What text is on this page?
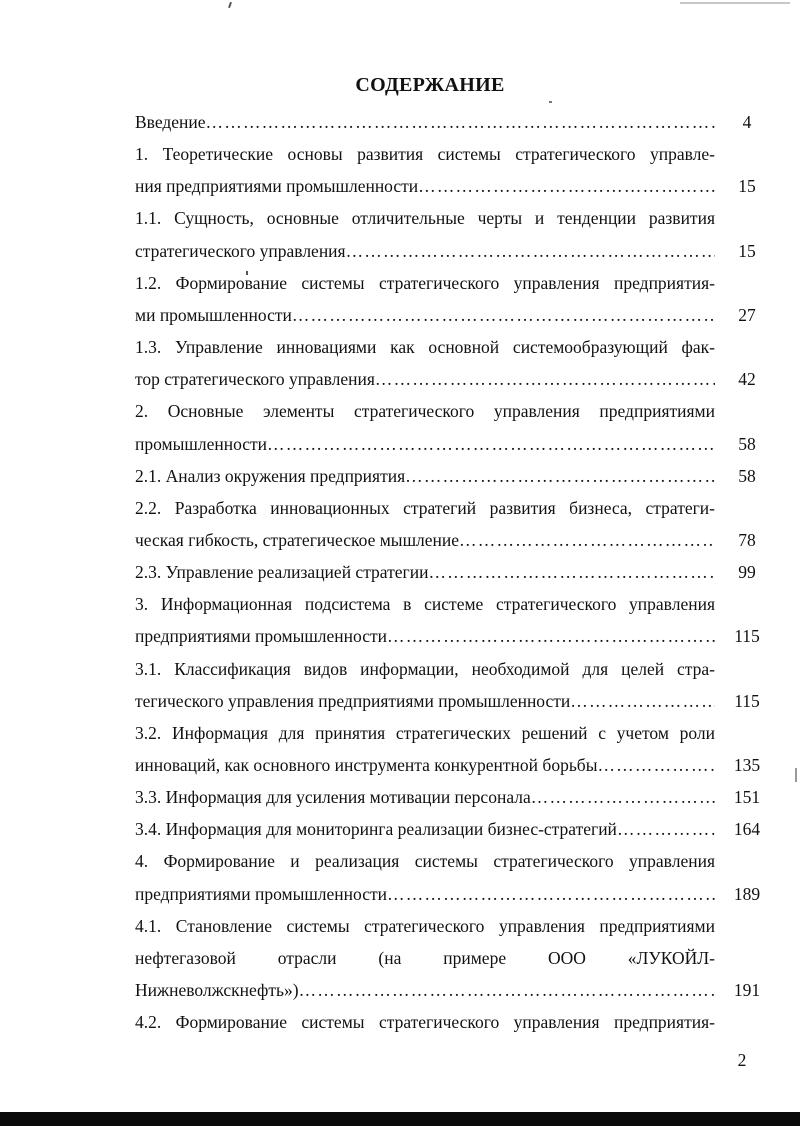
СОДЕРЖАНИЕ
Введение ………………………………………………………………………………………………………………………………………………………………	4
1. Теоретические основы развития системы стратегического управле-
ния предприятиями промышленности ………………………………………………………………………………………………………………………………………………………………	15
1.1. Сущность, основные отличительные черты и тенденции развития
стратегического управления ………………………………………………………………………………………………………………………………………………………………	15
1.2. Формирование системы стратегического управления предприятия-
ми промышленности ………………………………………………………………………………………………………………………………………………………………	27
1.3. Управление инновациями как основной системообразующий фак-
тор стратегического управления ………………………………………………………………………………………………………………………………………………………………	42
2. Основные элементы стратегического управления предприятиями
промышленности ………………………………………………………………………………………………………………………………………………………………	58
2.1. Анализ окружения предприятия ………………………………………………………………………………………………………………………………………………………………	58
2.2. Разработка инновационных стратегий развития бизнеса, стратеги-
ческая гибкость, стратегическое мышление ………………………………………………………………………………………………………………………………………………………………	78
2.3. Управление реализацией стратегии ………………………………………………………………………………………………………………………………………………………………	99
3. Информационная подсистема в системе стратегического управления
предприятиями промышленности ………………………………………………………………………………………………………………………………………………………………	115
3.1. Классификация видов информации, необходимой для целей стра-
тегического управления предприятиями промышленности ………………………………………………………………………………………………………………………………………………………………	115
3.2. Информация для принятия стратегических решений с учетом роли
инноваций, как основного инструмента конкурентной борьбы ………………………………………………………………………………………………………………………………………………………………	135
3.3. Информация для усиления мотивации персонала ………………………………………………………………………………………………………………………………………………………………	151
3.4. Информация для мониторинга реализации бизнес-стратегий ………………………………………………………………………………………………………………………………………………………………	164
4. Формирование и реализация системы стратегического управления
предприятиями промышленности ………………………………………………………………………………………………………………………………………………………………	189
4.1. Становление системы стратегического управления предприятиями
нефтегазовой отрасли (на примере ООО «ЛУКОЙЛ-
Нижневолжскнефть») ………………………………………………………………………………………………………………………………………………………………	191
4.2. Формирование системы стратегического управления предприятия-
2
